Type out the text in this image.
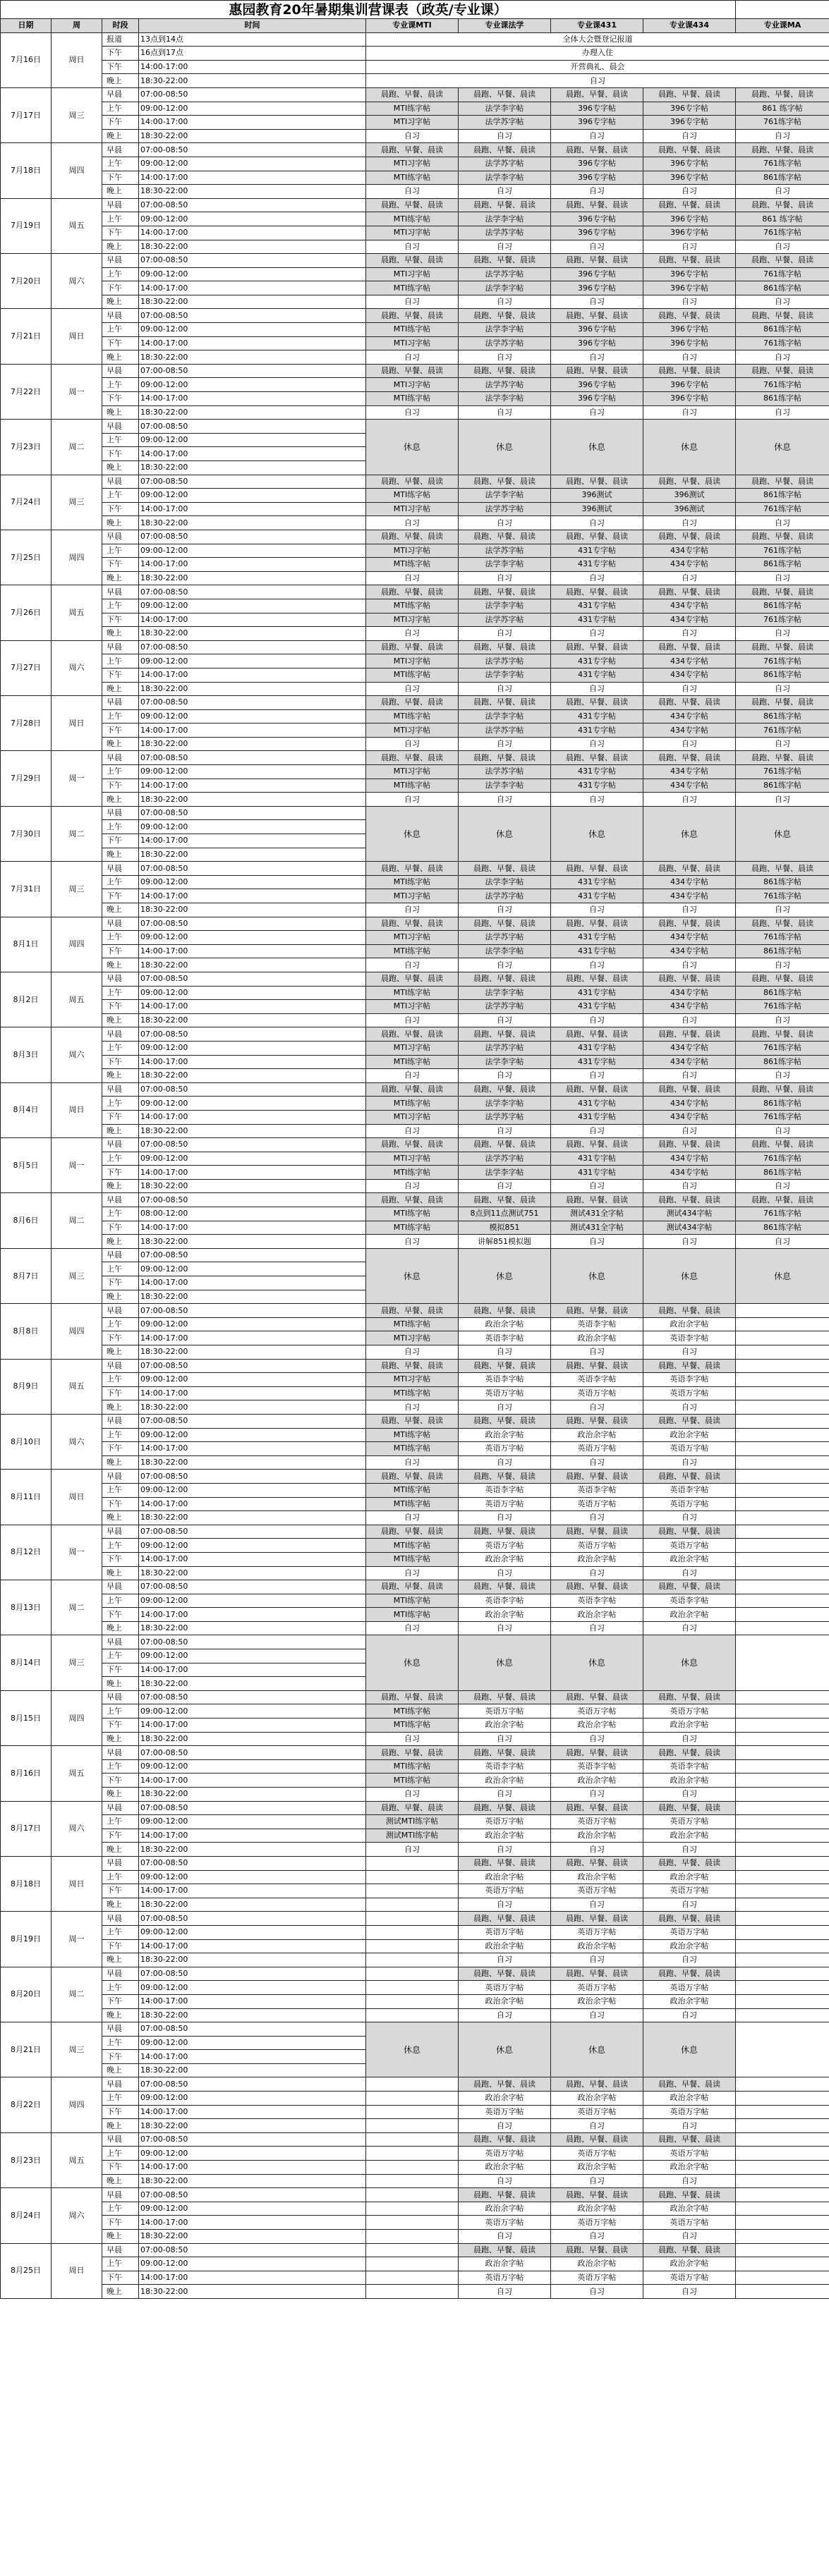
惠园教育20年暑期集训营课表（政英/专业课）								
日期	周	时段	时间	专业课MTI	专业课法学	专业课431	专业课434	专业课MA
7月16日	周日	报道	13点到14点	全体大会暨登记报道				
		下午	16点到17点	办理入住				
		下午	14:00-17:00	开营典礼、晨会				
		晚上	18:30-22:00	自习				
7月17日	周三	早晨	07:00-08:50	晨跑、早餐、晨读	晨跑、早餐、晨读	晨跑、早餐、晨读	晨跑、早餐、晨读	晨跑、早餐、晨读
		上午	09:00-12:00	MTI练字帖	法学李字帖	396专字帖	396专字帖	861 练字帖
		下午	14:00-17:00	MTI习字帖	法学苏字帖	396专字帖	396专字帖	761练字帖
		晚上	18:30-22:00	自习	自习	自习	自习	自习
7月18日	周四	早晨	07:00-08:50	晨跑、早餐、晨读	晨跑、早餐、晨读	晨跑、早餐、晨读	晨跑、早餐、晨读	晨跑、早餐、晨读
		上午	09:00-12:00	MTI习字帖	法学苏字帖	396专字帖	396专字帖	761练字帖
		下午	14:00-17:00	MTI练字帖	法学李字帖	396专字帖	396专字帖	861练字帖
		晚上	18:30-22:00	自习	自习	自习	自习	自习
7月19日	周五	早晨	07:00-08:50	晨跑、早餐、晨读	晨跑、早餐、晨读	晨跑、早餐、晨读	晨跑、早餐、晨读	晨跑、早餐、晨读
		上午	09:00-12:00	MTI练字帖	法学李字帖	396专字帖	396专字帖	861 练字帖
		下午	14:00-17:00	MTI习字帖	法学苏字帖	396专字帖	396专字帖	761练字帖
		晚上	18:30-22:00	自习	自习	自习	自习	自习
7月20日	周六	早晨	07:00-08:50	晨跑、早餐、晨读	晨跑、早餐、晨读	晨跑、早餐、晨读	晨跑、早餐、晨读	晨跑、早餐、晨读
		上午	09:00-12:00	MTI习字帖	法学苏字帖	396专字帖	396专字帖	761练字帖
		下午	14:00-17:00	MTI练字帖	法学李字帖	396专字帖	396专字帖	861练字帖
		晚上	18:30-22:00	自习	自习	自习	自习	自习
7月21日	周日	早晨	07:00-08:50	晨跑、早餐、晨读	晨跑、早餐、晨读	晨跑、早餐、晨读	晨跑、早餐、晨读	晨跑、早餐、晨读
		上午	09:00-12:00	MTI练字帖	法学李字帖	396专字帖	396专字帖	861练字帖
		下午	14:00-17:00	MTI习字帖	法学苏字帖	396专字帖	396专字帖	761练字帖
		晚上	18:30-22:00	自习	自习	自习	自习	自习
7月22日	周一	早晨	07:00-08:50	晨跑、早餐、晨读	晨跑、早餐、晨读	晨跑、早餐、晨读	晨跑、早餐、晨读	晨跑、早餐、晨读
		上午	09:00-12:00	MTI习字帖	法学苏字帖	396专字帖	396专字帖	761练字帖
		下午	14:00-17:00	MTI练字帖	法学李字帖	396专字帖	396专字帖	861练字帖
		晚上	18:30-22:00	自习	自习	自习	自习	自习
7月23日	周二	早晨	07:00-08:50	休息	休息	休息	休息	休息
		上午	09:00-12:00					
		下午	14:00-17:00					
		晚上	18:30-22:00					
7月24日	周三	早晨	07:00-08:50	晨跑、早餐、晨读	晨跑、早餐、晨读	晨跑、早餐、晨读	晨跑、早餐、晨读	晨跑、早餐、晨读
		上午	09:00-12:00	MTI练字帖	法学李字帖	396测试	396测试	861练字帖
		下午	14:00-17:00	MTI习字帖	法学苏字帖	396测试	396测试	761练字帖
		晚上	18:30-22:00	自习	自习	自习	自习	自习
7月25日	周四	早晨	07:00-08:50	晨跑、早餐、晨读	晨跑、早餐、晨读	晨跑、早餐、晨读	晨跑、早餐、晨读	晨跑、早餐、晨读
		上午	09:00-12:00	MTI习字帖	法学苏字帖	431专字帖	434专字帖	761练字帖
		下午	14:00-17:00	MTI练字帖	法学李字帖	431专字帖	434专字帖	861练字帖
		晚上	18:30-22:00	自习	自习	自习	自习	自习
7月26日	周五	早晨	07:00-08:50	晨跑、早餐、晨读	晨跑、早餐、晨读	晨跑、早餐、晨读	晨跑、早餐、晨读	晨跑、早餐、晨读
		上午	09:00-12:00	MTI练字帖	法学李字帖	431专字帖	434专字帖	861练字帖
		下午	14:00-17:00	MTI习字帖	法学苏字帖	431专字帖	434专字帖	761练字帖
		晚上	18:30-22:00	自习	自习	自习	自习	自习
7月27日	周六	早晨	07:00-08:50	晨跑、早餐、晨读	晨跑、早餐、晨读	晨跑、早餐、晨读	晨跑、早餐、晨读	晨跑、早餐、晨读
		上午	09:00-12:00	MTI习字帖	法学苏字帖	431专字帖	434专字帖	761练字帖
		下午	14:00-17:00	MTI练字帖	法学李字帖	431专字帖	434专字帖	861练字帖
		晚上	18:30-22:00	自习	自习	自习	自习	自习
7月28日	周日	早晨	07:00-08:50	晨跑、早餐、晨读	晨跑、早餐、晨读	晨跑、早餐、晨读	晨跑、早餐、晨读	晨跑、早餐、晨读
		上午	09:00-12:00	MTI练字帖	法学李字帖	431专字帖	434专字帖	861练字帖
		下午	14:00-17:00	MTI习字帖	法学苏字帖	431专字帖	434专字帖	761练字帖
		晚上	18:30-22:00	自习	自习	自习	自习	自习
7月29日	周一	早晨	07:00-08:50	晨跑、早餐、晨读	晨跑、早餐、晨读	晨跑、早餐、晨读	晨跑、早餐、晨读	晨跑、早餐、晨读
		上午	09:00-12:00	MTI习字帖	法学苏字帖	431专字帖	434专字帖	761练字帖
		下午	14:00-17:00	MTI练字帖	法学李字帖	431专字帖	434专字帖	861练字帖
		晚上	18:30-22:00	自习	自习	自习	自习	自习
7月30日	周二	早晨	07:00-08:50	休息	休息	休息	休息	休息
		上午	09:00-12:00					
		下午	14:00-17:00					
		晚上	18:30-22:00					
7月31日	周三	早晨	07:00-08:50	晨跑、早餐、晨读	晨跑、早餐、晨读	晨跑、早餐、晨读	晨跑、早餐、晨读	晨跑、早餐、晨读
		上午	09:00-12:00	MTI练字帖	法学李字帖	431专字帖	434专字帖	861练字帖
		下午	14:00-17:00	MTI习字帖	法学苏字帖	431专字帖	434专字帖	761练字帖
		晚上	18:30-22:00	自习	自习	自习	自习	自习
8月1日	周四	早晨	07:00-08:50	晨跑、早餐、晨读	晨跑、早餐、晨读	晨跑、早餐、晨读	晨跑、早餐、晨读	晨跑、早餐、晨读
		上午	09:00-12:00	MTI习字帖	法学苏字帖	431专字帖	434专字帖	761练字帖
		下午	14:00-17:00	MTI练字帖	法学李字帖	431专字帖	434专字帖	861练字帖
		晚上	18:30-22:00	自习	自习	自习	自习	自习
8月2日	周五	早晨	07:00-08:50	晨跑、早餐、晨读	晨跑、早餐、晨读	晨跑、早餐、晨读	晨跑、早餐、晨读	晨跑、早餐、晨读
		上午	09:00-12:00	MTI练字帖	法学李字帖	431专字帖	434专字帖	861练字帖
		下午	14:00-17:00	MTI习字帖	法学苏字帖	431专字帖	434专字帖	761练字帖
		晚上	18:30-22:00	自习	自习	自习	自习	自习
8月3日	周六	早晨	07:00-08:50	晨跑、早餐、晨读	晨跑、早餐、晨读	晨跑、早餐、晨读	晨跑、早餐、晨读	晨跑、早餐、晨读
		上午	09:00-12:00	MTI习字帖	法学苏字帖	431专字帖	434专字帖	761练字帖
		下午	14:00-17:00	MTI练字帖	法学李字帖	431专字帖	434专字帖	861练字帖
		晚上	18:30-22:00	自习	自习	自习	自习	自习
8月4日	周日	早晨	07:00-08:50	晨跑、早餐、晨读	晨跑、早餐、晨读	晨跑、早餐、晨读	晨跑、早餐、晨读	晨跑、早餐、晨读
		上午	09:00-12:00	MTI练字帖	法学李字帖	431专字帖	434专字帖	861练字帖
		下午	14:00-17:00	MTI习字帖	法学苏字帖	431专字帖	434专字帖	761练字帖
		晚上	18:30-22:00	自习	自习	自习	自习	自习
8月5日	周一	早晨	07:00-08:50	晨跑、早餐、晨读	晨跑、早餐、晨读	晨跑、早餐、晨读	晨跑、早餐、晨读	晨跑、早餐、晨读
		上午	09:00-12:00	MTI习字帖	法学苏字帖	431专字帖	434专字帖	761练字帖
		下午	14:00-17:00	MTI练字帖	法学李字帖	431专字帖	434专字帖	861练字帖
		晚上	18:30-22:00	自习	自习	自习	自习	自习
8月6日	周二	早晨	07:00-08:50	晨跑、早餐、晨读	晨跑、早餐、晨读	晨跑、早餐、晨读	晨跑、早餐、晨读	晨跑、早餐、晨读
		上午	08:00-12:00	MTI练字帖	8点到11点测试751	测试431全字帖	测试434字帖	761练字帖
		下午	14:00-17:00	MTI练字帖	模拟851	测试431全字帖	测试434字帖	861练字帖
		晚上	18:30-22:00	自习	讲解851模拟题	自习	自习	自习
8月7日	周三	早晨	07:00-08:50	休息	休息	休息	休息	休息
		上午	09:00-12:00					
		下午	14:00-17:00					
		晚上	18:30-22:00					
8月8日	周四	早晨	07:00-08:50	晨跑、早餐、晨读	晨跑、早餐、晨读	晨跑、早餐、晨读	晨跑、早餐、晨读	
		上午	09:00-12:00	MTI练字帖	政治余字帖	英语李字帖	政治余字帖	
		下午	14:00-17:00	MTI习字帖	英语李字帖	政治余字帖	英语李字帖	
		晚上	18:30-22:00	自习	自习	自习	自习	
8月9日	周五	早晨	07:00-08:50	晨跑、早餐、晨读	晨跑、早餐、晨读	晨跑、早餐、晨读	晨跑、早餐、晨读	
		上午	09:00-12:00	MTI习字帖	英语李字帖	英语李字帖	英语李字帖	
		下午	14:00-17:00	MTI练字帖	英语万字帖	英语万字帖	英语万字帖	
		晚上	18:30-22:00	自习	自习	自习	自习	
8月10日	周六	早晨	07:00-08:50	晨跑、早餐、晨读	晨跑、早餐、晨读	晨跑、早餐、晨读	晨跑、早餐、晨读	
		上午	09:00-12:00	MTI练字帖	政治余字帖	政治余字帖	政治余字帖	
		下午	14:00-17:00	MTI练字帖	英语万字帖	英语万字帖	英语万字帖	
		晚上	18:30-22:00	自习	自习	自习	自习	
8月11日	周日	早晨	07:00-08:50	晨跑、早餐、晨读	晨跑、早餐、晨读	晨跑、早餐、晨读	晨跑、早餐、晨读	
		上午	09:00-12:00	MTI练字帖	英语李字帖	英语李字帖	英语李字帖	
		下午	14:00-17:00	MTI练字帖	英语万字帖	英语万字帖	英语万字帖	
		晚上	18:30-22:00	自习	自习	自习	自习	
8月12日	周一	早晨	07:00-08:50	晨跑、早餐、晨读	晨跑、早餐、晨读	晨跑、早餐、晨读	晨跑、早餐、晨读	
		上午	09:00-12:00	MTI练字帖	英语万字帖	英语万字帖	英语万字帖	
		下午	14:00-17:00	MTI练字帖	政治余字帖	政治余字帖	政治余字帖	
		晚上	18:30-22:00	自习	自习	自习	自习	
8月13日	周二	早晨	07:00-08:50	晨跑、早餐、晨读	晨跑、早餐、晨读	晨跑、早餐、晨读	晨跑、早餐、晨读	
		上午	09:00-12:00	MTI练字帖	英语李字帖	英语李字帖	英语李字帖	
		下午	14:00-17:00	MTI练字帖	政治余字帖	政治余字帖	政治余字帖	
		晚上	18:30-22:00	自习	自习	自习	自习	
8月14日	周三	早晨	07:00-08:50	休息	休息	休息	休息	
		上午	09:00-12:00					
		下午	14:00-17:00					
		晚上	18:30-22:00					
8月15日	周四	早晨	07:00-08:50	晨跑、早餐、晨读	晨跑、早餐、晨读	晨跑、早餐、晨读	晨跑、早餐、晨读	
		上午	09:00-12:00	MTI练字帖	英语万字帖	英语万字帖	英语万字帖	
		下午	14:00-17:00	MTI练字帖	政治余字帖	政治余字帖	政治余字帖	
		晚上	18:30-22:00	自习	自习	自习	自习	
8月16日	周五	早晨	07:00-08:50	晨跑、早餐、晨读	晨跑、早餐、晨读	晨跑、早餐、晨读	晨跑、早餐、晨读	
		上午	09:00-12:00	MTI练字帖	英语李字帖	英语李字帖	英语李字帖	
		下午	14:00-17:00	MTI练字帖	政治余字帖	政治余字帖	政治余字帖	
		晚上	18:30-22:00	自习	自习	自习	自习	
8月17日	周六	早晨	07:00-08:50	晨跑、早餐、晨读	晨跑、早餐、晨读	晨跑、早餐、晨读	晨跑、早餐、晨读	
		上午	09:00-12:00	测试MTI练字帖	英语万字帖	英语万字帖	英语万字帖	
		下午	14:00-17:00	测试MTI练字帖	政治余字帖	政治余字帖	政治余字帖	
		晚上	18:30-22:00	自习	自习	自习	自习	
8月18日	周日	早晨	07:00-08:50		晨跑、早餐、晨读	晨跑、早餐、晨读	晨跑、早餐、晨读	
		上午	09:00-12:00		政治余字帖	政治余字帖	政治余字帖	
		下午	14:00-17:00		英语万字帖	英语万字帖	英语万字帖	
		晚上	18:30-22:00		自习	自习	自习	
8月19日	周一	早晨	07:00-08:50		晨跑、早餐、晨读	晨跑、早餐、晨读	晨跑、早餐、晨读	
		上午	09:00-12:00		英语万字帖	英语万字帖	英语万字帖	
		下午	14:00-17:00		政治余字帖	政治余字帖	政治余字帖	
		晚上	18:30-22:00		自习	自习	自习	
8月20日	周二	早晨	07:00-08:50		晨跑、早餐、晨读	晨跑、早餐、晨读	晨跑、早餐、晨读	
		上午	09:00-12:00		英语万字帖	英语万字帖	英语万字帖	
		下午	14:00-17:00		政治余字帖	政治余字帖	政治余字帖	
		晚上	18:30-22:00		自习	自习	自习	
8月21日	周三	早晨	07:00-08:50	休息	休息	休息	休息	
		上午	09:00-12:00					
		下午	14:00-17:00					
		晚上	18:30-22:00					
8月22日	周四	早晨	07:00-08:50		晨跑、早餐、晨读	晨跑、早餐、晨读	晨跑、早餐、晨读	
		上午	09:00-12:00		政治余字帖	政治余字帖	政治余字帖	
		下午	14:00-17:00		英语万字帖	英语万字帖	英语万字帖	
		晚上	18:30-22:00		自习	自习	自习	
8月23日	周五	早晨	07:00-08:50		晨跑、早餐、晨读	晨跑、早餐、晨读	晨跑、早餐、晨读	
		上午	09:00-12:00		英语万字帖	英语万字帖	英语万字帖	
		下午	14:00-17:00		政治余字帖	政治余字帖	政治余字帖	
		晚上	18:30-22:00		自习	自习	自习	
8月24日	周六	早晨	07:00-08:50		晨跑、早餐、晨读	晨跑、早餐、晨读	晨跑、早餐、晨读	
		上午	09:00-12:00		政治余字帖	政治余字帖	政治余字帖	
		下午	14:00-17:00		英语万字帖	英语万字帖	英语万字帖	
		晚上	18:30-22:00		自习	自习	自习	
8月25日	周日	早晨	07:00-08:50		晨跑、早餐、晨读	晨跑、早餐、晨读	晨跑、早餐、晨读	
		上午	09:00-12:00		政治余字帖	政治余字帖	政治余字帖	
		下午	14:00-17:00		英语万字帖	英语万字帖	英语万字帖	
		晚上	18:30-22:00		自习	自习	自习	
